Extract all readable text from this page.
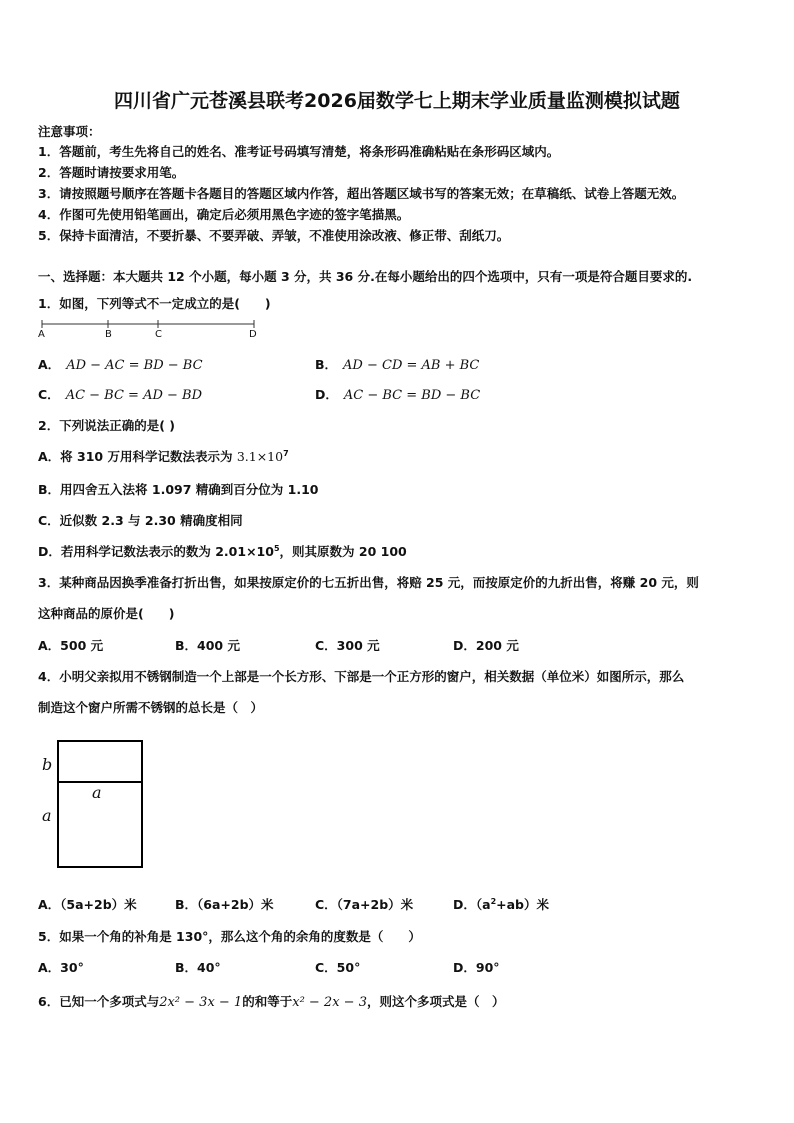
四川省广元苍溪县联考2026届数学七上期末学业质量监测模拟试题
注意事项：
1．答题前，考生先将自己的姓名、准考证号码填写清楚，将条形码准确粘贴在条形码区域内。
2．答题时请按要求用笔。
3．请按照题号顺序在答题卡各题目的答题区域内作答，超出答题区域书写的答案无效；在草稿纸、试卷上答题无效。
4．作图可先使用铅笔画出，确定后必须用黑色字迹的签字笔描黑。
5．保持卡面清洁，不要折暴、不要弄破、弄皱，不准使用涂改液、修正带、刮纸刀。
一、选择题：本大题共 12 个小题，每小题 3 分，共 36 分.在每小题给出的四个选项中，只有一项是符合题目要求的.
1．如图，下列等式不一定成立的是(　　)
A	B	C	D
A． AD − AC = BD − BC	B． AD − CD = AB + BC
C． AC − BC = AD − BD	D． AC − BC = BD − BC
2．下列说法正确的是( )
A．将 310 万用科学记数法表示为 $3.1\times 10^7$
B．用四舍五入法将 1.097 精确到百分位为 1.10
C．近似数 2.3 与 2.30 精确度相同
D．若用科学记数法表示的数为 $2.01\times 10^5$，则其原数为 20 100
3．某种商品因换季准备打折出售，如果按原定价的七五折出售，将赔 25 元，而按原定价的九折出售，将赚 20 元，则
这种商品的原价是(　　)
A．500 元	B．400 元	C．300 元	D．200 元
4．小明父亲拟用不锈钢制造一个上部是一个长方形、下部是一个正方形的窗户，相关数据（单位米）如图所示，那么
制造这个窗户所需不锈钢的总长是（　）
b
a
a
A．（5a+2b）米	B．（6a+2b）米	C．（7a+2b）米	D．$(a^2+ab)$米
5．如果一个角的补角是 130°，那么这个角的余角的度数是（　　）
A．30°	B．40°	C．50°	D．90°
6．已知一个多项式与2x² − 3x − 1的和等于x² − 2x − 3，则这个多项式是（　）
